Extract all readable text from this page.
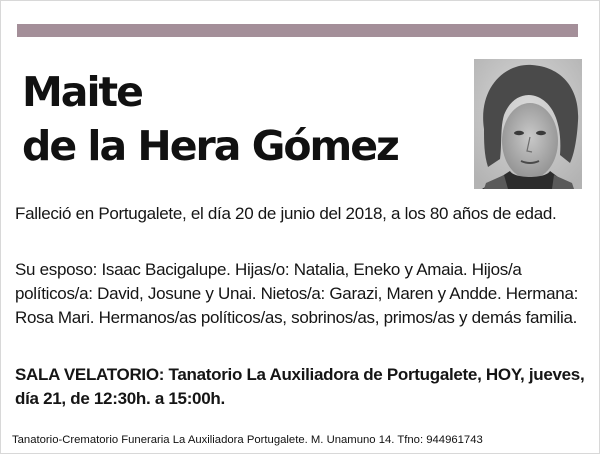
Maite
de la Hera Gómez

Falleció en Portugalete, el día 20 de junio del 2018, a los 80 años de edad.

Su esposo: Isaac Bacigalupe. Hijas/o: Natalia, Eneko y Amaia. Hijos/a políticos/a: David, Josune y Unai. Nietos/a: Garazi, Maren y Andde. Hermana: Rosa Mari. Hermanos/as políticos/as, sobrinos/as, primos/as y demás familia.

SALA VELATORIO: Tanatorio La Auxiliadora de Portugalete, HOY, jueves, día 21, de 12:30h. a 15:00h.

Tanatorio-Crematorio Funeraria La Auxiliadora Portugalete. M. Unamuno 14. Tfno: 944961743
